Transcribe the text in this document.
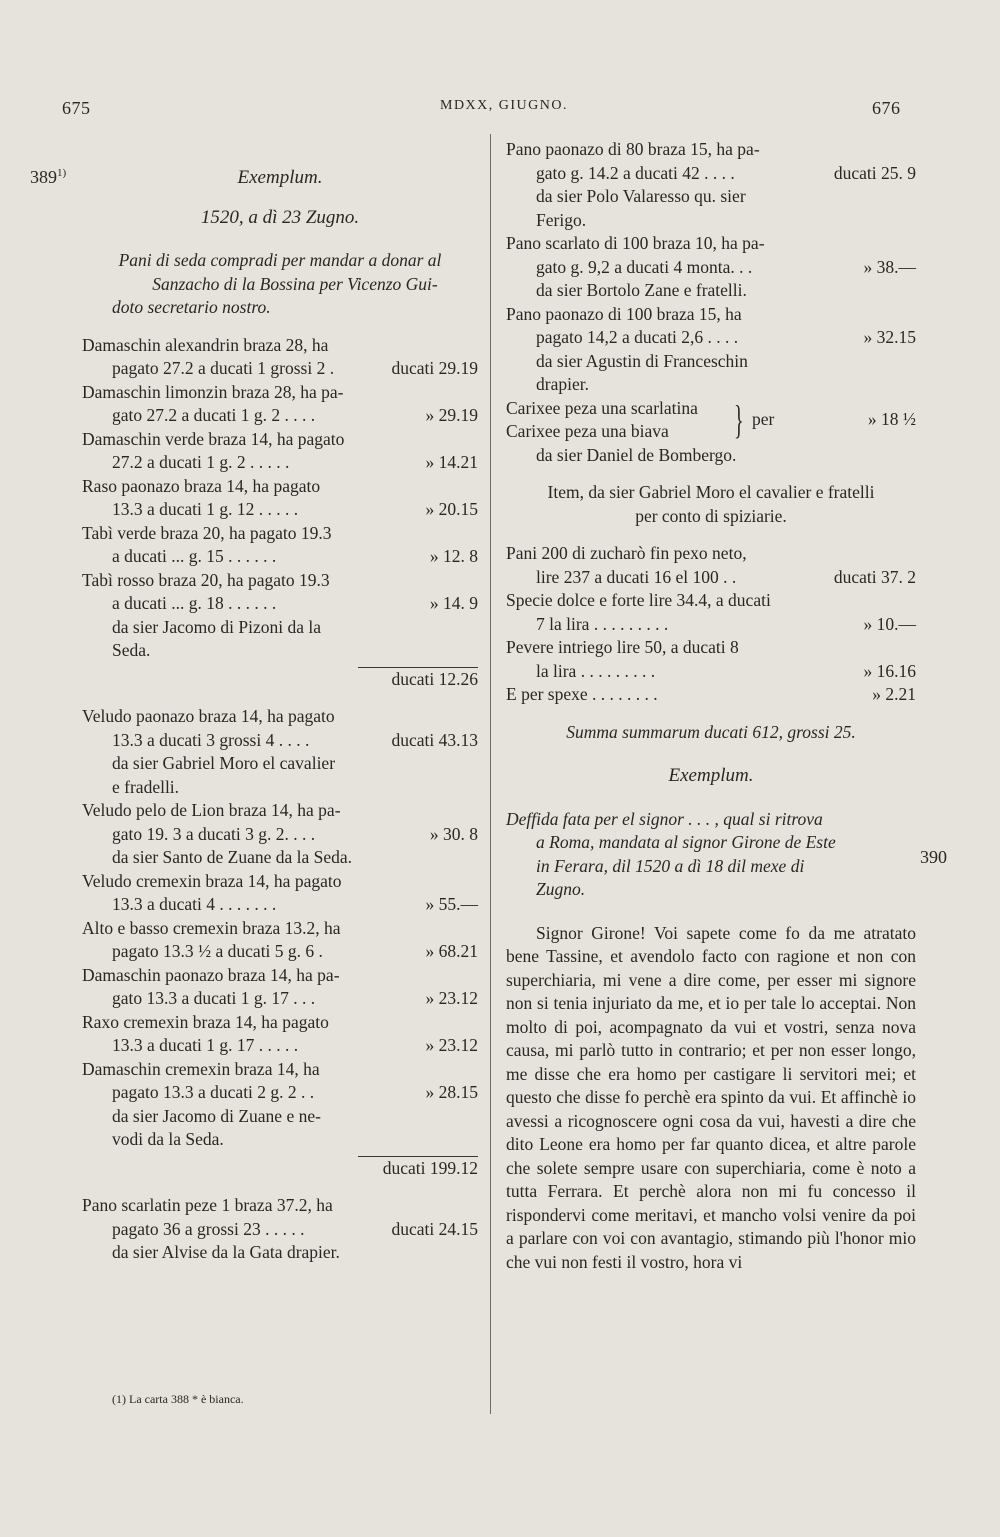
675	MDXX, GIUGNO.	676
389$^{1)}$
390
Exemplum.
1520, a dì 23 Zugno.
Pani di seda compradi per mandar a donar al
Sanzacho di la Bossina per Vicenzo Gui-
doto secretario nostro.
Damaschin alexandrin braza 28, ha
pagato 27.2 a ducati 1 grossi 2 .	ducati 29.19
Damaschin limonzin braza 28, ha pa-
gato 27.2 a ducati 1 g. 2 . . . .	» 29.19
Damaschin verde braza 14, ha pagato
27.2 a ducati 1 g. 2 . . . . .	» 14.21
Raso paonazo braza 14, ha pagato
13.3 a ducati 1 g. 12 . . . . .	» 20.15
Tabì verde braza 20, ha pagato 19.3
a ducati ... g. 15 . . . . . .	» 12. 8
Tabì rosso braza 20, ha pagato 19.3
a ducati ... g. 18 . . . . . .	» 14. 9
da sier Jacomo di Pizoni da la
Seda.
ducati 12.26
Veludo paonazo braza 14, ha pagato
13.3 a ducati 3 grossi 4 . . . .	ducati 43.13
da sier Gabriel Moro el cavalier
e fradelli.
Veludo pelo de Lion braza 14, ha pa-
gato 19. 3 a ducati 3 g. 2. . . .	» 30. 8
da sier Santo de Zuane da la Seda.
Veludo cremexin braza 14, ha pagato
13.3 a ducati 4 . . . . . . .	» 55.—
Alto e basso cremexin braza 13.2, ha
pagato 13.3 ½ a ducati 5 g. 6 .	» 68.21
Damaschin paonazo braza 14, ha pa-
gato 13.3 a ducati 1 g. 17 . . .	» 23.12
Raxo cremexin braza 14, ha pagato
13.3 a ducati 1 g. 17 . . . . .	» 23.12
Damaschin cremexin braza 14, ha
pagato 13.3 a ducati 2 g. 2 . .	» 28.15
da sier Jacomo di Zuane e ne-
vodi da la Seda.
ducati 199.12
Pano scarlatin peze 1 braza 37.2, ha
pagato 36 a grossi 23 . . . . .	ducati 24.15
da sier Alvise da la Gata drapier.
(1) La carta 388 * è bianca.
Pano paonazo di 80 braza 15, ha pa-
gato g. 14.2 a ducati 42 . . . .	ducati 25. 9
da sier Polo Valaresso qu. sier
Ferigo.
Pano scarlato di 100 braza 10, ha pa-
gato g. 9,2 a ducati 4 monta. . .	» 38.—
da sier Bortolo Zane e fratelli.
Pano paonazo di 100 braza 15, ha
pagato 14,2 a ducati 2,6 . . . .	» 32.15
da sier Agustin di Franceschin
drapier.
Carixee peza una scarlatina
Carixee peza una biava	} per	» 18 ½
da sier Daniel de Bombergo.
Item, da sier Gabriel Moro el cavalier e fratelli
per conto di spiziarie.
Pani 200 di zucharò fin pexo neto,
lire 237 a ducati 16 el 100 . .	ducati 37. 2
Specie dolce e forte lire 34.4, a ducati
7 la lira . . . . . . . . .	» 10.—
Pevere intriego lire 50, a ducati 8
la lira . . . . . . . . .	» 16.16
E per spexe . . . . . . . .	» 2.21
Summa summarum ducati 612, grossi 25.
Exemplum.
Deffida fata per el signor . . . , qual si ritrova
a Roma, mandata al signor Girone de Este
in Ferara, dil 1520 a dì 18 dil mexe di
Zugno.

Signor Girone! Voi sapete come fo da me atratato bene Tassine, et avendolo facto con ragione et non con superchiaria, mi vene a dire come, per esser mi signore non si tenia injuriato da me, et io per tale lo acceptai. Non molto di poi, acompagnato da vui et vostri, senza nova causa, mi parlò tutto in contrario; et per non esser longo, me disse che era homo per castigare li servitori mei; et questo che disse fo perchè era spinto da vui. Et affinchè io avessi a ricognoscere ogni cosa da vui, havesti a dire che dito Leone era homo per far quanto dicea, et altre parole che solete sempre usare con superchiaria, come è noto a tutta Ferrara. Et perchè alora non mi fu concesso il rispondervi come meritavi, et mancho volsi venire da poi a parlare con voi con avantagio, stimando più l'honor mio che vui non festi il vostro, hora vi
